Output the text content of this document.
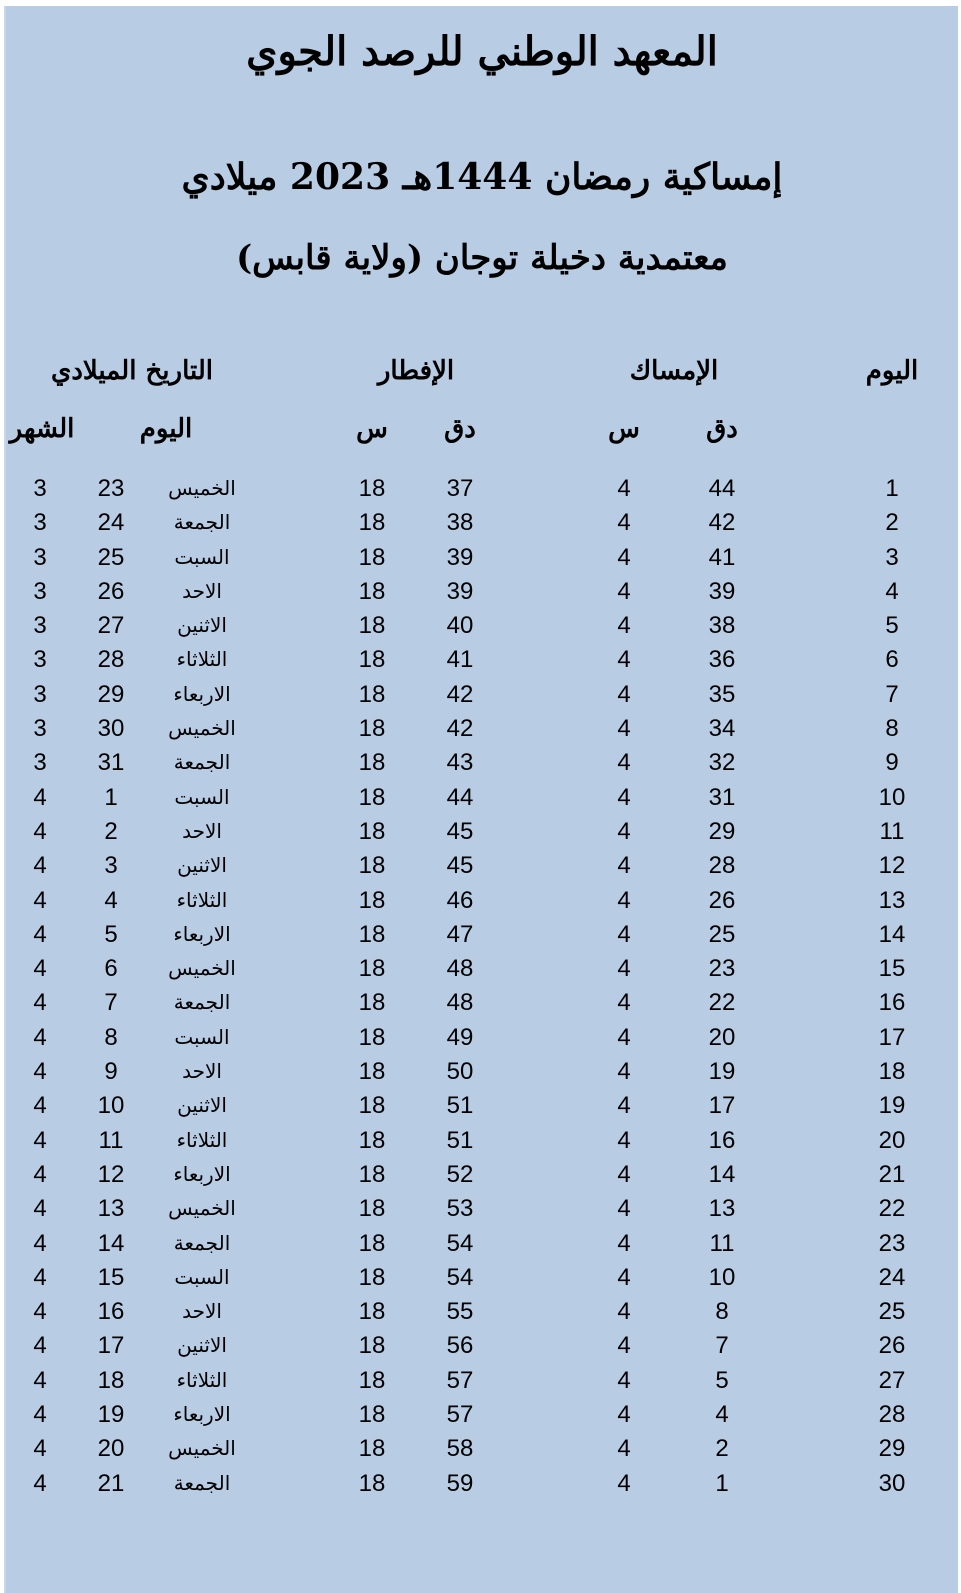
المعهد الوطني للرصد الجوي
إمساكية رمضان 1444هـ 2023 ميلادي
معتمدية دخيلة توجان (ولاية قابس)
اليوم
الإمساك
الإفطار
التاريخ الميلادي
دق
س
دق
س
اليوم
الشهر
1
44
4
37
18
الخميس
23
3
2
42
4
38
18
الجمعة
24
3
3
41
4
39
18
السبت
25
3
4
39
4
39
18
الاحد
26
3
5
38
4
40
18
الاثنين
27
3
6
36
4
41
18
الثلاثاء
28
3
7
35
4
42
18
الاربعاء
29
3
8
34
4
42
18
الخميس
30
3
9
32
4
43
18
الجمعة
31
3
10
31
4
44
18
السبت
1
4
11
29
4
45
18
الاحد
2
4
12
28
4
45
18
الاثنين
3
4
13
26
4
46
18
الثلاثاء
4
4
14
25
4
47
18
الاربعاء
5
4
15
23
4
48
18
الخميس
6
4
16
22
4
48
18
الجمعة
7
4
17
20
4
49
18
السبت
8
4
18
19
4
50
18
الاحد
9
4
19
17
4
51
18
الاثنين
10
4
20
16
4
51
18
الثلاثاء
11
4
21
14
4
52
18
الاربعاء
12
4
22
13
4
53
18
الخميس
13
4
23
11
4
54
18
الجمعة
14
4
24
10
4
54
18
السبت
15
4
25
8
4
55
18
الاحد
16
4
26
7
4
56
18
الاثنين
17
4
27
5
4
57
18
الثلاثاء
18
4
28
4
4
57
18
الاربعاء
19
4
29
2
4
58
18
الخميس
20
4
30
1
4
59
18
الجمعة
21
4
